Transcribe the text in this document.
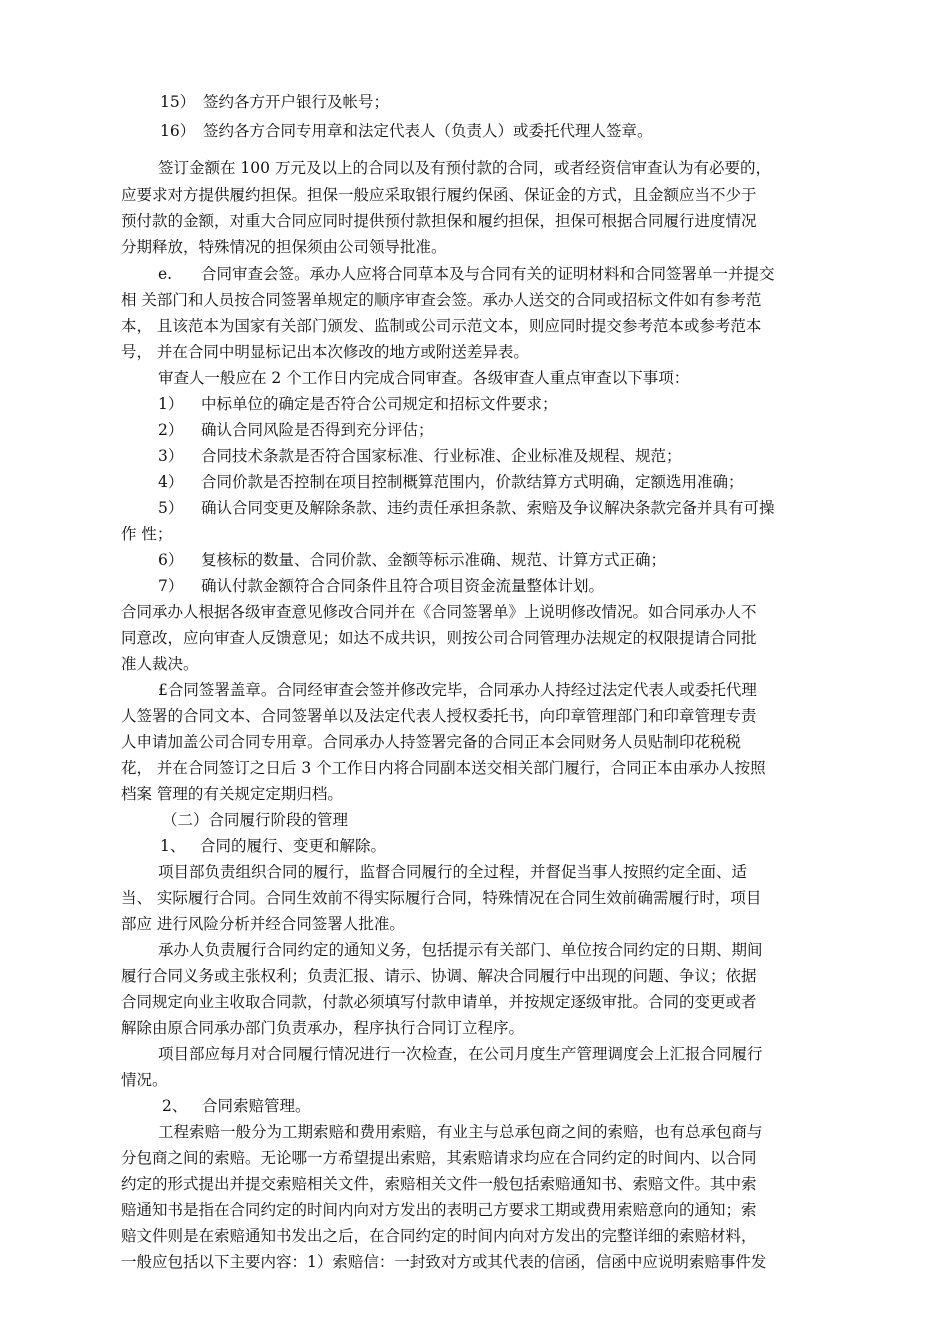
15） 签约各方开户银行及帐号；
16） 签约各方合同专用章和法定代表人（负责人）或委托代理人签章。
签订金额在 100 万元及以上的合同以及有预付款的合同，或者经资信审查认为有必要的，
应要求对方提供履约担保。担保一般应采取银行履约保函、保证金的方式，且金额应当不少于
预付款的金额，对重大合同应同时提供预付款担保和履约担保，担保可根据合同履行进度情况
分期释放，特殊情况的担保须由公司领导批准。
e. 合同审查会签。承办人应将合同草本及与合同有关的证明材料和合同签署单一并提交
相 关部门和人员按合同签署单规定的顺序审查会签。承办人送交的合同或招标文件如有参考范
本， 且该范本为国家有关部门颁发、监制或公司示范文本，则应同时提交参考范本或参考范本
号， 并在合同中明显标记出本次修改的地方或附送差异表。
审查人一般应在 2 个工作日内完成合同审查。各级审查人重点审查以下事项：
1） 中标单位的确定是否符合公司规定和招标文件要求；
2） 确认合同风险是否得到充分评估；
3） 合同技术条款是否符合国家标准、行业标准、企业标准及规程、规范；
4） 合同价款是否控制在项目控制概算范围内，价款结算方式明确，定额选用准确；
5） 确认合同变更及解除条款、违约责任承担条款、索赔及争议解决条款完备并具有可操
作 性；
6） 复核标的数量、合同价款、金额等标示准确、规范、计算方式正确；
7） 确认付款金额符合合同条件且符合项目资金流量整体计划。
合同承办人根据各级审查意见修改合同并在《合同签署单》上说明修改情况。如合同承办人不
同意改，应向审查人反馈意见；如达不成共识，则按公司合同管理办法规定的权限提请合同批
准人裁决。
£合同签署盖章。合同经审查会签并修改完毕，合同承办人持经过法定代表人或委托代理
人签署的合同文本、合同签署单以及法定代表人授权委托书，向印章管理部门和印章管理专责
人申请加盖公司合同专用章。合同承办人持签署完备的合同正本会同财务人员贴制印花税税
花， 并在合同签订之日后 3 个工作日内将合同副本送交相关部门履行，合同正本由承办人按照
档案 管理的有关规定定期归档。
（二）合同履行阶段的管理
1、 合同的履行、变更和解除。
项目部负责组织合同的履行，监督合同履行的全过程，并督促当事人按照约定全面、适
当、 实际履行合同。合同生效前不得实际履行合同，特殊情况在合同生效前确需履行时，项目
部应 进行风险分析并经合同签署人批准。
承办人负责履行合同约定的通知义务，包括提示有关部门、单位按合同约定的日期、期间
履行合同义务或主张权利；负责汇报、请示、协调、解决合同履行中出现的问题、争议；依据
合同规定向业主收取合同款，付款必须填写付款申请单，并按规定逐级审批。合同的变更或者
解除由原合同承办部门负责承办，程序执行合同订立程序。
项目部应每月对合同履行情况进行一次检查，在公司月度生产管理调度会上汇报合同履行
情况。
2、 合同索赔管理。
工程索赔一般分为工期索赔和费用索赔，有业主与总承包商之间的索赔，也有总承包商与
分包商之间的索赔。无论哪一方希望提出索赔，其索赔请求均应在合同约定的时间内、以合同
约定的形式提出并提交索赔相关文件，索赔相关文件一般包括索赔通知书、索赔文件。其中索
赔通知书是指在合同约定的时间内向对方发出的表明己方要求工期或费用索赔意向的通知；索
赔文件则是在索赔通知书发出之后，在合同约定的时间内向对方发出的完整详细的索赔材料，
一般应包括以下主要内容：1）索赔信：一封致对方或其代表的信函，信函中应说明索赔事件发
